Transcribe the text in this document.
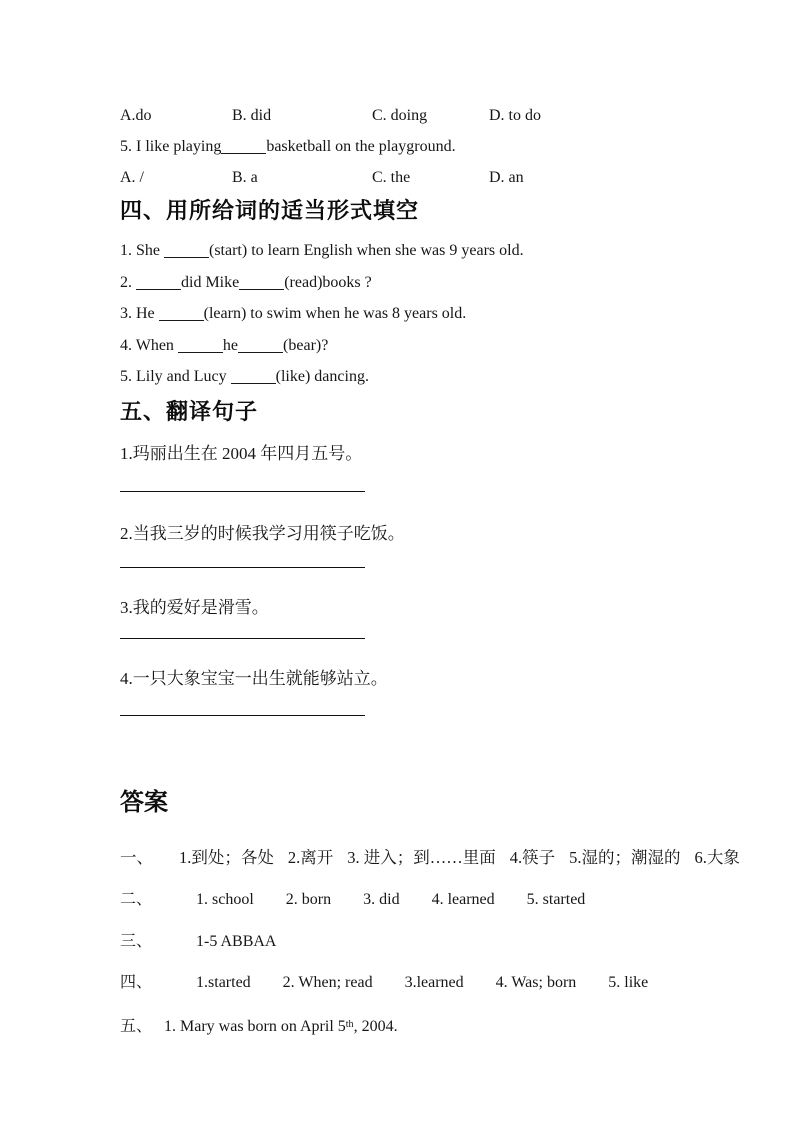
A.do	B. did	C. doing	D. to do
5. I like playing	basketball on the playground.
A. /	B. a	C. the	D. an
四、用所给词的适当形式填空
1. She	(start) to learn English when she was 9 years old.
2.	did Mike	(read)books ?
3. He	(learn) to swim when he was 8 years old.
4. When	he	(bear)?
5. Lily and Lucy	(like) dancing.
五、翻译句子
1.玛丽出生在 2004 年四月五号。
2.当我三岁的时候我学习用筷子吃饭。
3.我的爱好是滑雪。
4.一只大象宝宝一出生就能够站立。
答案
一、 1.到处；各处 2.离开 3. 进入；到……里面 4.筷子 5.湿的；潮湿的 6.大象
二、	1. school 2. born 3. did 4. learned 5. started
三、	1-5 ABBAA
四、	1.started 2. When; read 3.learned 4. Was; born 5. like
五、 1. Mary was born on April 5th, 2004.
